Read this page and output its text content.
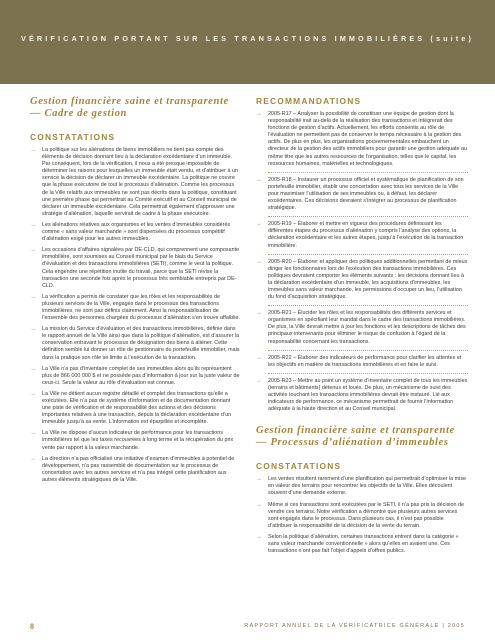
VÉRIFICATION PORTANT SUR LES TRANSACTIONS IMMOBILIÈRES (suite)
Gestion financière saine et transparente — Cadre de gestion
CONSTATATIONS
→ La politique sur les aliénations de biens immobiliers ne tient pas compte des éléments de décision donnant lieu à la déclaration excédentaire d’un immeuble. Par conséquent, lors de la vérification, il nous a été presque impossible de déterminer les raisons pour lesquelles un immeuble était vendu, et d’attribuer à un service la décision de déclarer un immeuble excédentaire. La politique ne couvre que la phase exécutoire de tout le processus d’aliénation. Comme les processus de la Ville relatifs aux immeubles ne sont pas décrits dans la politique, constituant une première phase qui permettrait au Comité exécutif et au Conseil municipal de déclarer un immeuble excédentaire. Cela permettrait également d’approuver une stratégie d’aliénation, laquelle servirait de cadre à la phase exécutoire.
→ Les aliénations relatives aux organismes et les ventes d’immeubles considérés comme « sans valeur marchande » sont dispensées du processus compétitif d’aliénation exigé pour les autres immeubles.
→ Les occasions d’affaires signalées par DE-CLD, qui comprennent une composante immobilière, sont soumises au Conseil municipal par le biais du Service d’évaluation et des transactions immobilières (SETI), comme le veut la politique. Cela engendre une répétition inutile du travail, parce que la SETI révise la transaction une seconde fois après le processus très semblable entrepris par DE-CLD.
→ La vérification a permis de constater que les rôles et les responsabilités de plusieurs services de la Ville, engagés dans le processus des transactions immobilières, ne sont pas définis clairement. Ainsi la responsabilisation de l’ensemble des personnes chargées du processus d’aliénation s’en trouve affaiblie.
→ La mission du Service d’évaluation et des transactions immobilières, définie dans le rapport annuel de la Ville ainsi que dans la politique d’aliénation, est d’assurer la conservation entravant le processus de désignation des biens à aliéner. Cette définition semble lui donner un rôle de gestionnaire du portefeuille immobilier, mais dans la pratique son rôle se limite à l’exécution de la transaction.
→ La Ville n’a pas d’inventaire complet de ses immeubles alors qu’ils représentent plus de 866 000 000 $ et ne possède pas d’information à jour sur la juste valeur de ceux-ci. Seule la valeur au rôle d’évaluation est connue.
→ La Ville ne détient aucun registre détaillé et complet des transactions qu’elle a exécutées. Elle n’a pas de système d’information et de documentation donnant une piste de vérification et de responsabilité des actions et des décisions importantes relatives à une transaction, depuis la déclaration excédentaire d’un immeuble jusqu’à sa vente. L’information est éparpillée et incomplète.
→ La Ville ne dispose d’aucun indicateur de performance pour les transactions immobilières tel que les taxes recouvrées à long terme et la récupération du prix vente par rapport à la valeur marchande.
→ La direction n’a pas officialisé une initiative d’examen d’immeubles à potentiel de développement, n’a pas rassemblé de documentation sur le processus de concertation avec les autres services et n’a pas intégré cette planification aux autres éléments stratégiques de la Ville.
RECOMMANDATIONS
→ 2005-R17 – Analyser la possibilité de constituer une équipe de gestion dont la responsabilité irait au-delà de la réalisation des transactions et intégrerait des fonctions de gestion d’actifs. Actuellement, les efforts consentis au rôle de l’évaluation ne permettent pas de conserver le temps nécessaire à la gestion des actifs. De plus en plus, les organisations gouvernementales embauchent un directeur de la gestion des actifs immobiliers pour garantir une gestion adéquate au même titre que les autres ressources de l’organisation, telles que le capital, les ressources humaines, matérielles et technologiques.
→ 2005-R18 – Instaurer un processus officiel et systématique de planification de son portefeuille immobilier, établir une concertation avec tous les services de la Ville pour maximiser l’utilisation de ses immeubles ou, à défaut, les déclarer excédentaires. Ces décisions devraient s’intégrer au processus de planification stratégique.
→ 2005-R19 – Élaborer et mettre en vigueur des procédures définissant les différentes étapes du processus d’aliénation y compris l’analyse des options, la déclaration excédentaire et les autres étapes, jusqu’à l’exécution de la transaction immobilière.
→ 2005-R20 – Élaborer et appliquer des politiques additionnelles permettant de mieux diriger les fonctionnaires lors de l’exécution des transactions immobilières. Ces politiques devraient comporter les éléments suivants : les décisions donnant lieu à la déclaration excédentaire d’un immeuble, les acquisitions d’immeubles, les immeubles sans valeur marchande, les permissions d’occuper un lieu, l’utilisation du fond d’acquisition stratégique.
→ 2005-R21 – Élucider les rôles et les responsabilités des différents services et organismes en spécifiant leur mandat dans le cadre des transactions immobilières. De plus, la Ville devrait mettre à jour les fonctions et les descriptions de tâches des principaux intervenants pour éliminer le risque de confusion à l’égard de la responsabilité concernant les transactions.
→ 2005-R22 – Élaborer des indicateurs de performance pour clarifier les attentes et les objectifs en matière de transactions immobilières et en faire le suivi.
→ 2005-R23 – Mettre au point un système d’inventaire complet de tous les immeubles (terrains et bâtiments) détenus et loués. De plus, un mécanisme de suivi des activités touchant les transactions immobilières devrait être instauré. Lié aux indicateurs de performance, ce mécanisme permettrait de fournir l’information adéquate à la haute direction et au Conseil municipal.
Gestion financière saine et transparente — Processus d’aliénation d’immeubles
CONSTATATIONS
→ Les ventes résultent rarement d’une planification qui permettrait d’optimiser la mise en valeur des terrains pour rencontrer les objectifs de la Ville. Elles découlent souvent d’une demande externe.
→ Même si ces transactions sont exécutées par le SETI, il n’a pas pris la décision de vendre ces terrains. Notre vérification a démontré que plusieurs autres services sont engagés dans le processus. Dans plusieurs cas, il n’est pas possible d’attribuer la responsabilité de la décision de la vente du terrain.
→ Selon la politique d’aliénation, certaines transactions entrent dans la catégorie « sans valeur marchande conventionnelle » alors qu’elles en avaient une. Ces transactions n’ont pas fait l’objet d’appels d’offres publics.
8	RAPPORT ANNUEL DE LA VÉRIFICATRICE GÉNÉRALE | 2005
